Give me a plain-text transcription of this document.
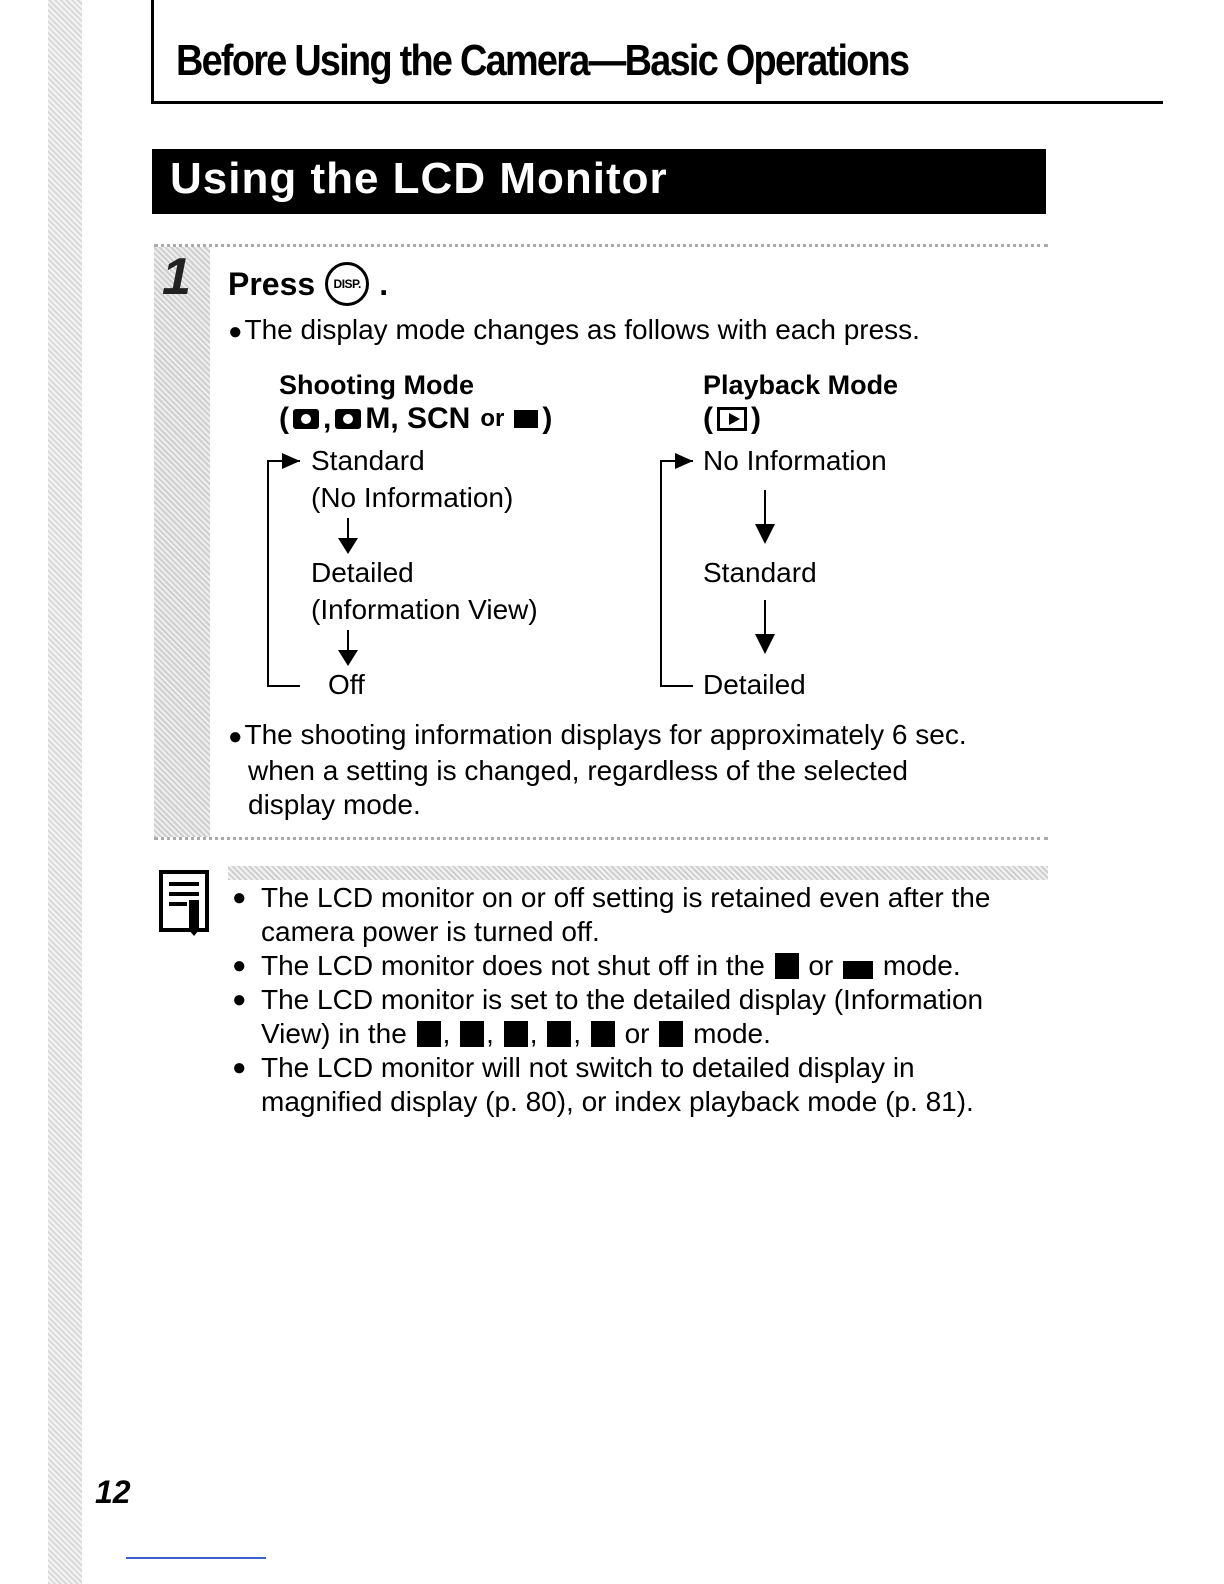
Before Using the Camera—Basic Operations
Using the LCD Monitor
1 Press DISP. .
● The display mode changes as follows with each press.
Shooting Mode
( , M, SCN or )
Standard
(No Information)
Detailed
(Information View)
Off
Playback Mode
( )
No Information
Standard
Detailed
● The shooting information displays for approximately 6 sec.
when a setting is changed, regardless of the selected
display mode.
● The LCD monitor on or off setting is retained even after the
camera power is turned off.
● The LCD monitor does not shut off in the or mode.
● The LCD monitor is set to the detailed display (Information
View) in the , , , ,  or mode.
● The LCD monitor will not switch to detailed display in
magnified display (p. 80), or index playback mode (p. 81).
12
